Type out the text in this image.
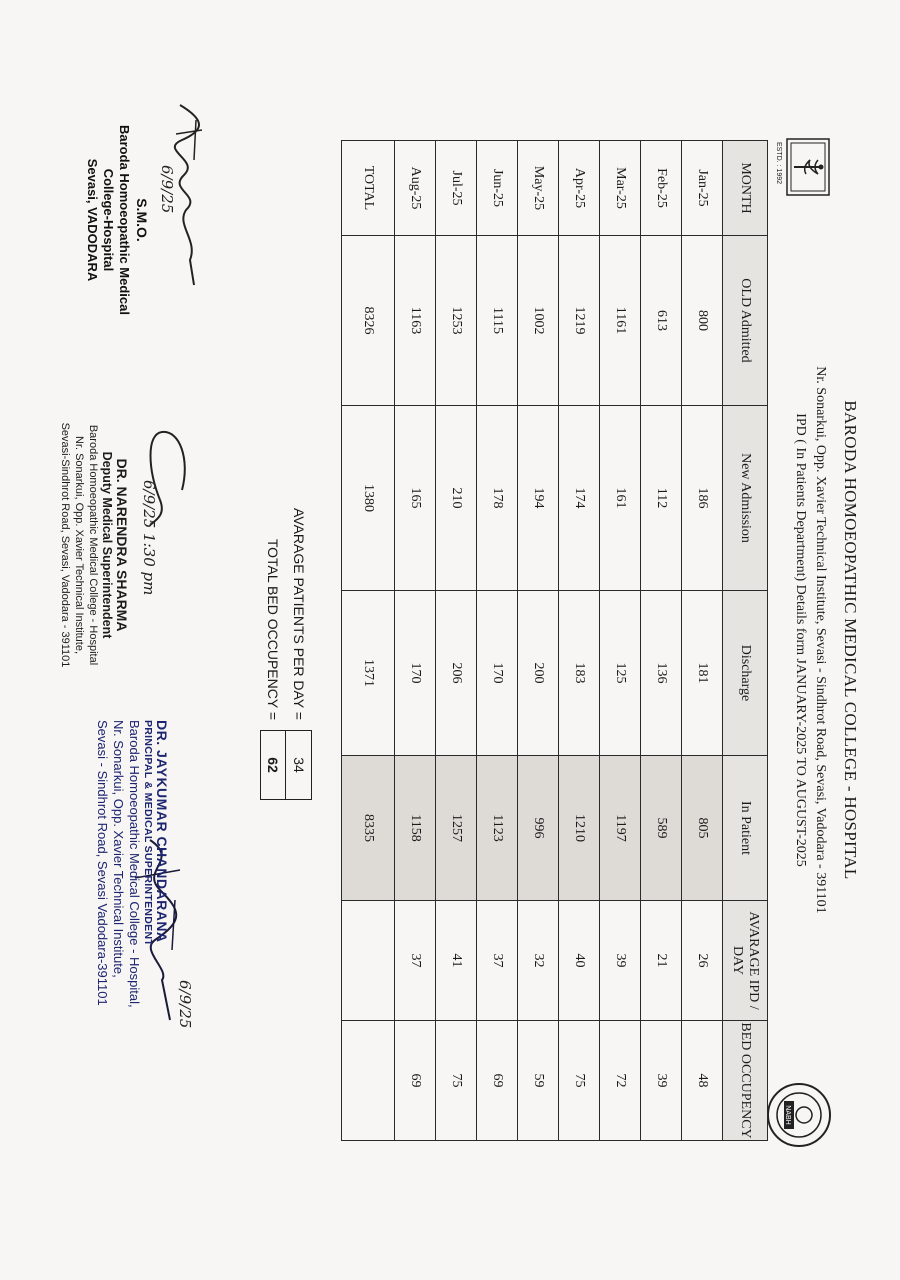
BARODA HOMOEOPATHIC MEDICAL COLLEGE - HOSPITAL
Nr. Sonarkui, Opp. Xavier Technical Institute, Sevasi - Sindhrot Road, Sevasi, Vadodara - 391101
IPD ( In Patients Department) Details form JANUARY-2025 TO AUGUST-2025
ESTD. : 1992
NABH
MONTH	OLD Admitted	New Admission	Discharge	In Patient	AVARAGE IPD / DAY	BED OCCUPENCY
Jan-25	800	186	181	805	26	48
Feb-25	613	112	136	589	21	39
Mar-25	1161	161	125	1197	39	72
Apr-25	1219	174	183	1210	40	75
May-25	1002	194	200	996	32	59
Jun-25	1115	178	170	1123	37	69
Jul-25	1253	210	206	1257	41	75
Aug-25	1163	165	170	1158	37	69
TOTAL	8326	1380	1371	8335		
AVARAGE PATIENTS PER DAY =
34
TOTAL BED OCCUPENCY =
62
6/9/25
S.M.O.
Baroda Homoeopathic Medical
College-Hospital
Sevasi, VADODARA
6/9/25 1:30 pm
DR. NARENDRA SHARMA
Deputy Medical Superintendent
Baroda Homoeopathic Medical College - Hospital
Nr. Sonarkui, Opp. Xavier Technical Institute,
Sevasi-Sindhrot Road, Sevasi, Vadodara - 391101
6/9/25
DR. JAYKUMAR CHANDARANA
PRINCIPAL & MEDICAL SUPERINTENDENT
Baroda Homoeopathic Medical College - Hospital,
Nr. Sonarkui, Opp. Xavier Technical Institute,
Sevasi - Sindhrot Road, Sevasi Vadodara-391101
